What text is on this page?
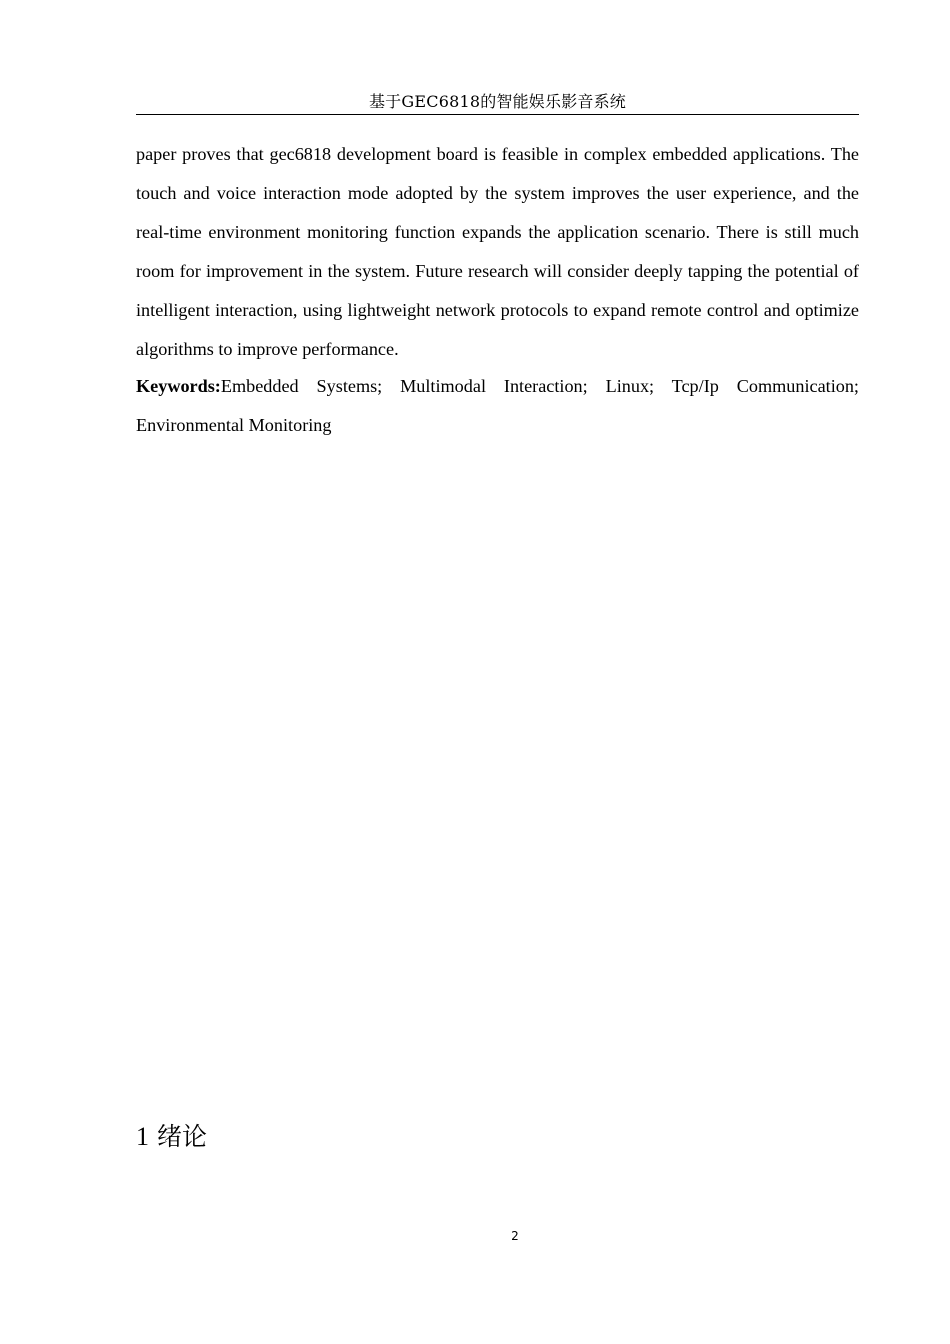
基于GEC6818的智能娱乐影音系统

paper proves that gec6818 development board is feasible in complex embedded applications. The touch and voice interaction mode adopted by the system improves the user experience, and the real-time environment monitoring function expands the application scenario. There is still much room for improvement in the system. Future research will consider deeply tapping the potential of intelligent interaction, using lightweight network protocols to expand remote control and optimize algorithms to improve performance.

Keywords:Embedded Systems; Multimodal Interaction; Linux; Tcp/Ip Communication; Environmental Monitoring

1 绪论
2
